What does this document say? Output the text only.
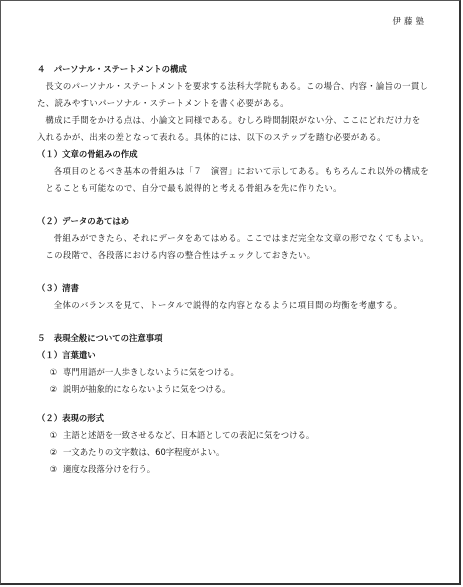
伊藤塾
４　パーソナル・ステートメントの構成
長文のパーソナル・ステートメントを要求する法科大学院もある。この場合、内容・論旨の一貫した、読みやすいパーソナル・ステートメントを書く必要がある。
構成に手間をかける点は、小論文と同様である。むしろ時間制限がない分、ここにどれだけ力を入れるかが、出来の差となって表れる。具体的には、以下のステップを踏む必要がある。
（１）文章の骨組みの作成
各項目のとるべき基本の骨組みは「７　演習」において示してある。もちろんこれ以外の構成をとることも可能なので、自分で最も説得的と考える骨組みを先に作りたい。
（２）データのあてはめ
骨組みができたら、それにデータをあてはめる。ここではまだ完全な文章の形でなくてもよい。この段階で、各段落における内容の整合性はチェックしておきたい。
（３）清書
全体のバランスを見て、トータルで説得的な内容となるように項目間の均衡を考慮する。
５　表現全般についての注意事項
（１）言葉遣い
① 専門用語が一人歩きしないように気をつける。
② 説明が抽象的にならないように気をつける。
（２）表現の形式
① 主語と述語を一致させるなど、日本語としての表記に気をつける。
② 一文あたりの文字数は、60字程度がよい。
③ 適度な段落分けを行う。
